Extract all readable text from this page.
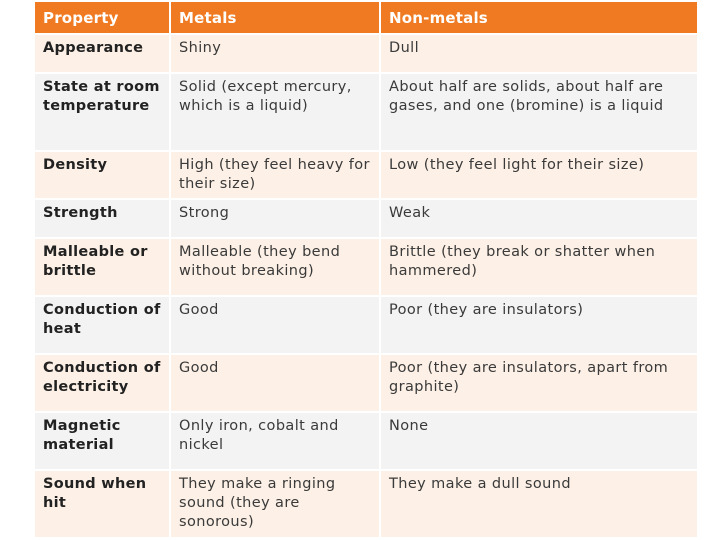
Property	Metals	Non-metals
Appearance	Shiny	Dull
State at room temperature	Solid (except mercury, which is a liquid)	About half are solids, about half are gases, and one (bromine) is a liquid
Density	High (they feel heavy for their size)	Low (they feel light for their size)
Strength	Strong	Weak
Malleable or brittle	Malleable (they bend without breaking)	Brittle (they break or shatter when hammered)
Conduction of heat	Good	Poor (they are insulators)
Conduction of electricity	Good	Poor (they are insulators, apart from graphite)
Magnetic material	Only iron, cobalt and nickel	None
Sound when hit	They make a ringing sound (they are sonorous)	They make a dull sound
